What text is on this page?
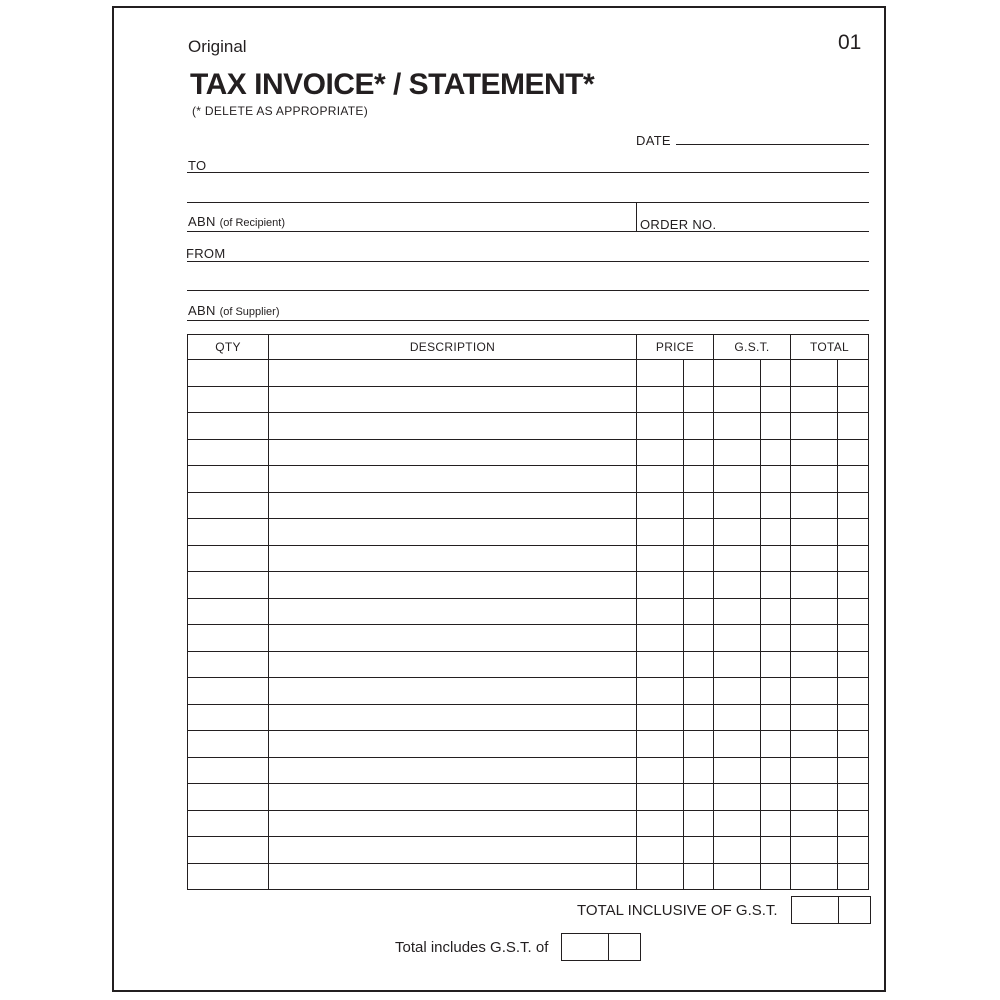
Original	01
TAX INVOICE* / STATEMENT*
(* DELETE AS APPROPRIATE)
DATE
TO
ABN (of Recipient)	ORDER NO.
FROM
ABN (of Supplier)
QTY	DESCRIPTION	PRICE		G.S.T.		TOTAL	

TOTAL INCLUSIVE OF G.S.T.
Total includes G.S.T. of
